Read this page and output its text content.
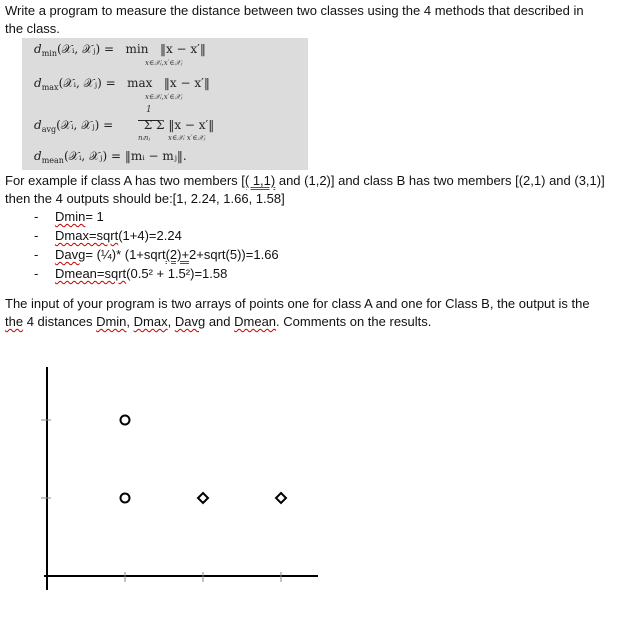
Write a program to measure the distance between two classes using the 4 methods that described in
the class.
$d_{min}(𝒳ᵢ$, 𝒳ⱼ) = min ‖x − x′‖
x∈𝒳ᵢ,x′∈𝒳ⱼ
$d_{max}(𝒳ᵢ$, 𝒳ⱼ) = max ‖x − x′‖
x∈𝒳ᵢ,x′∈𝒳ⱼ
1
$d_{avg}(𝒳ᵢ$, 𝒳ⱼ) =	Σ Σ ‖x − x′‖
nᵢnⱼ	x∈𝒳ᵢ x′∈𝒳ⱼ
$d_{mean}(𝒳ᵢ$, 𝒳ⱼ) = ‖mᵢ − mⱼ‖.
For example if class A has two members [( 1,1) and (1,2)] and class B has two members [(2,1) and (3,1)]
then the 4 outputs should be:[1, 2.24, 1.66, 1.58]
- Dmin= 1
- Dmax=sqrt(1+4)=2.24
- Davg= (¼)* (1+sqrt(2)+2+sqrt(5))=1.66
- Dmean=sqrt(0.5² + 1.5²)=1.58
The input of your program is two arrays of points one for class A and one for Class B, the output is the
the 4 distances Dmin, Dmax, Davg and Dmean. Comments on the results.
